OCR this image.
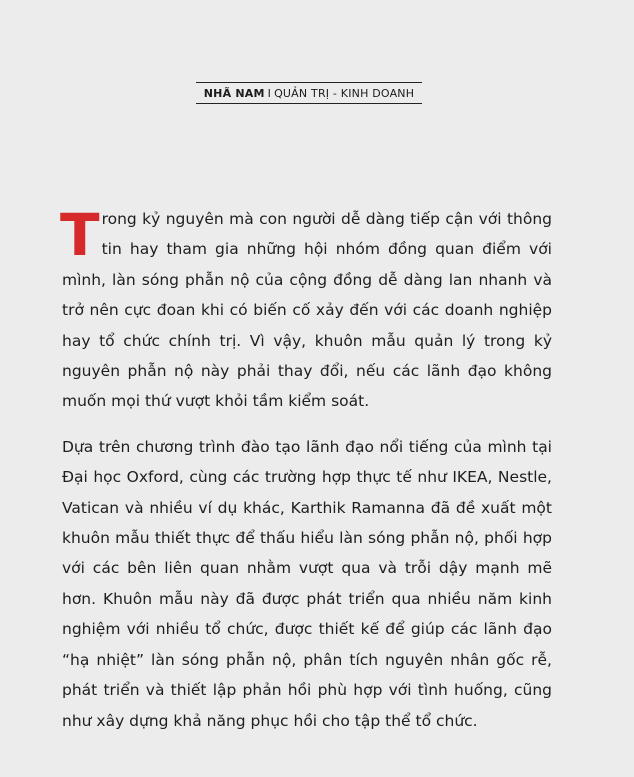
NHÃ NAM I QUẢN TRỊ - KINH DOANH

T rong kỷ nguyên mà con người dễ dàng tiếp cận với thông tin hay tham gia những hội nhóm đồng quan điểm với mình, làn sóng phẫn nộ của cộng đồng dễ dàng lan nhanh và trở nên cực đoan khi có biến cố xảy đến với các doanh nghiệp hay tổ chức chính trị. Vì vậy, khuôn mẫu quản lý trong kỷ nguyên phẫn nộ này phải thay đổi, nếu các lãnh đạo không muốn mọi thứ vượt khỏi tầm kiểm soát.

Dựa trên chương trình đào tạo lãnh đạo nổi tiếng của mình tại Đại học Oxford, cùng các trường hợp thực tế như IKEA, Nestle, Vatican và nhiều ví dụ khác, Karthik Ramanna đã đề xuất một khuôn mẫu thiết thực để thấu hiểu làn sóng phẫn nộ, phối hợp với các bên liên quan nhằm vượt qua và trỗi dậy mạnh mẽ hơn. Khuôn mẫu này đã được phát triển qua nhiều năm kinh nghiệm với nhiều tổ chức, được thiết kế để giúp các lãnh đạo “hạ nhiệt” làn sóng phẫn nộ, phân tích nguyên nhân gốc rễ, phát triển và thiết lập phản hồi phù hợp với tình huống, cũng như xây dựng khả năng phục hồi cho tập thể tổ chức.
